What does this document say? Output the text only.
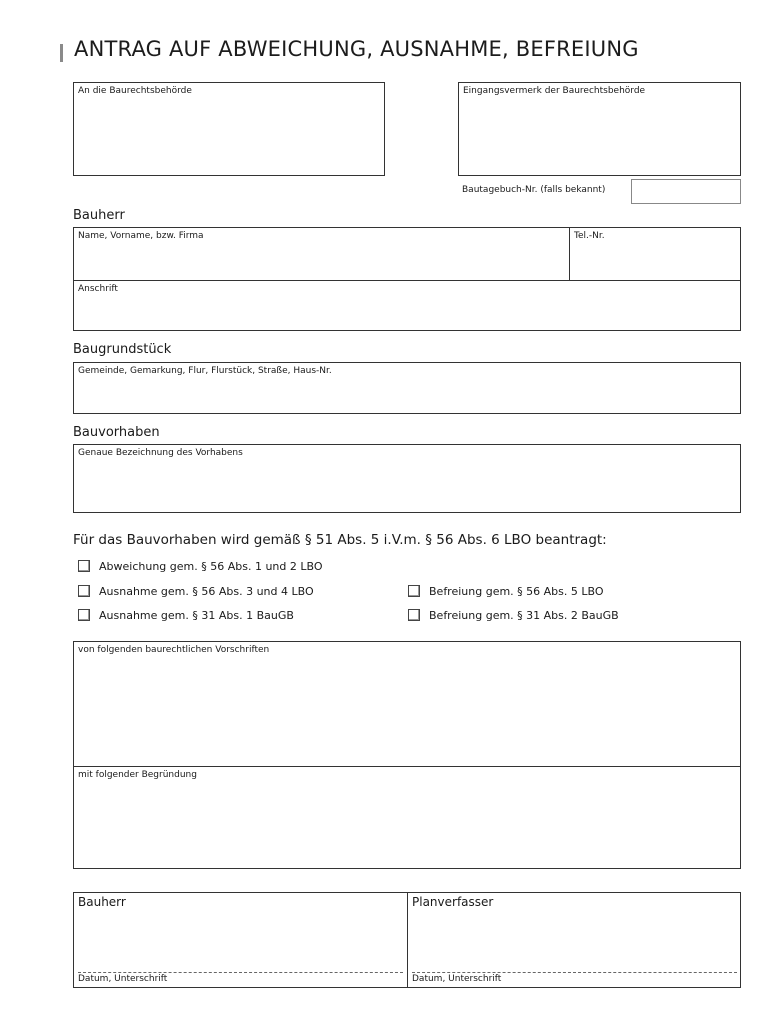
ANTRAG AUF ABWEICHUNG, AUSNAHME, BEFREIUNG
An die Baurechtsbehörde	Eingangsvermerk der Baurechtsbehörde
Bautagebuch-Nr. (falls bekannt)
Bauherr
Name, Vorname, bzw. Firma	Tel.-Nr.
Anschrift
Baugrundstück
Gemeinde, Gemarkung, Flur, Flurstück, Straße, Haus-Nr.
Bauvorhaben
Genaue Bezeichnung des Vorhabens
Für das Bauvorhaben wird gemäß § 51 Abs. 5 i.V.m. § 56 Abs. 6 LBO beantragt:
Abweichung gem. § 56 Abs. 1 und 2 LBO
Ausnahme gem. § 56 Abs. 3 und 4 LBO	Befreiung gem. § 56 Abs. 5 LBO
Ausnahme gem. § 31 Abs. 1 BauGB	Befreiung gem. § 31 Abs. 2 BauGB
von folgenden baurechtlichen Vorschriften
mit folgender Begründung
Bauherr
Datum, Unterschrift
Planverfasser
Datum, Unterschrift
